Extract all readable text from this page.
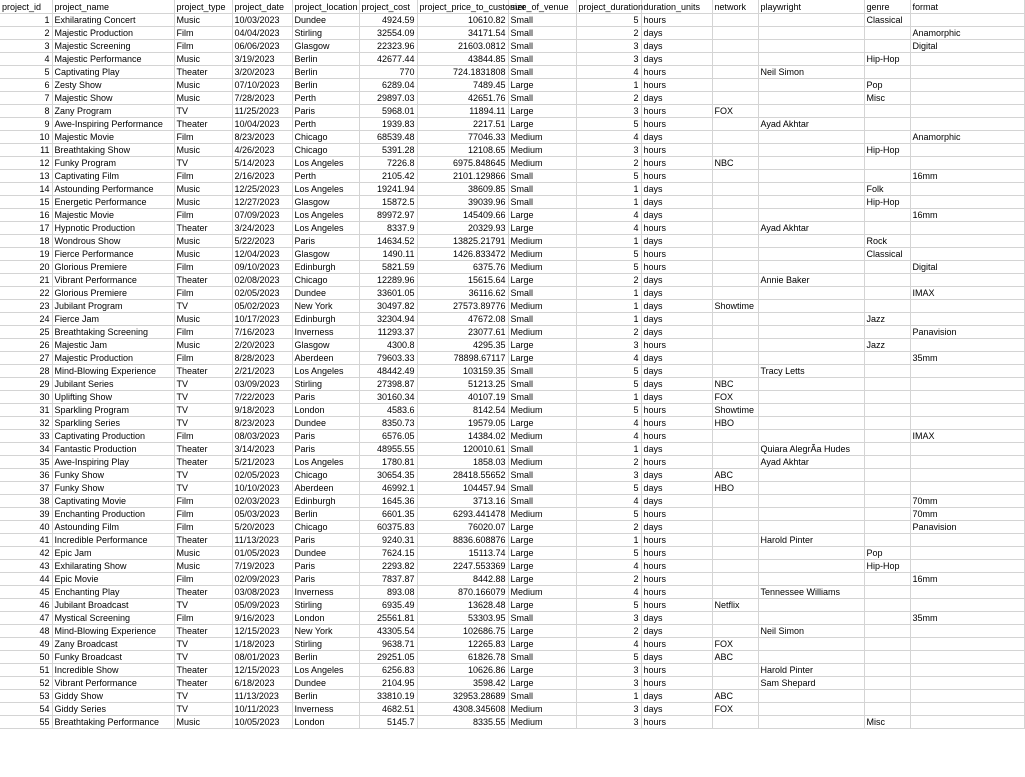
project_id	project_name	project_type	project_date	project_location	project_cost	project_price_to_customer	size_of_venue	project_duration	duration_units	network	playwright	genre	format
1	Exhilarating Concert	Music	10/03/2023	Dundee	4924.59	10610.82	Small	5	hours			Classical	
2	Majestic Production	Film	04/04/2023	Stirling	32554.09	34171.54	Small	2	days				Anamorphic
3	Majestic Screening	Film	06/06/2023	Glasgow	22323.96	21603.0812	Small	3	days				Digital
4	Majestic Performance	Music	3/19/2023	Berlin	42677.44	43844.85	Small	3	days			Hip-Hop	
5	Captivating Play	Theater	3/20/2023	Berlin	770	724.1831808	Small	4	hours		Neil Simon		
6	Zesty Show	Music	07/10/2023	Berlin	6289.04	7489.45	Large	1	hours			Pop	
7	Majestic Show	Music	7/28/2023	Perth	29897.03	42651.76	Small	2	days			Misc	
8	Zany Program	TV	11/25/2023	Paris	5968.01	11894.11	Large	3	hours	FOX			
9	Awe-Inspiring Performance	Theater	10/04/2023	Perth	1939.83	2217.51	Large	5	hours		Ayad Akhtar		
10	Majestic Movie	Film	8/23/2023	Chicago	68539.48	77046.33	Medium	4	days				Anamorphic
11	Breathtaking Show	Music	4/26/2023	Chicago	5391.28	12108.65	Medium	3	hours			Hip-Hop	
12	Funky Program	TV	5/14/2023	Los Angeles	7226.8	6975.848645	Medium	2	hours	NBC			
13	Captivating Film	Film	2/16/2023	Perth	2105.42	2101.129866	Small	5	hours				16mm
14	Astounding Performance	Music	12/25/2023	Los Angeles	19241.94	38609.85	Small	1	days			Folk	
15	Energetic Performance	Music	12/27/2023	Glasgow	15872.5	39039.96	Small	1	days			Hip-Hop	
16	Majestic Movie	Film	07/09/2023	Los Angeles	89972.97	145409.66	Large	4	days				16mm
17	Hypnotic Production	Theater	3/24/2023	Los Angeles	8337.9	20329.93	Large	4	hours		Ayad Akhtar		
18	Wondrous Show	Music	5/22/2023	Paris	14634.52	13825.21791	Medium	1	days			Rock	
19	Fierce Performance	Music	12/04/2023	Glasgow	1490.11	1426.833472	Medium	5	hours			Classical	
20	Glorious Premiere	Film	09/10/2023	Edinburgh	5821.59	6375.76	Medium	5	hours				Digital
21	Vibrant Performance	Theater	02/08/2023	Chicago	12289.96	15615.64	Large	2	days		Annie Baker		
22	Glorious Premiere	Film	02/05/2023	Dundee	33601.05	36116.62	Small	1	days				IMAX
23	Jubilant Program	TV	05/02/2023	New York	30497.82	27573.89776	Medium	1	days	Showtime			
24	Fierce Jam	Music	10/17/2023	Edinburgh	32304.94	47672.08	Small	1	days			Jazz	
25	Breathtaking Screening	Film	7/16/2023	Inverness	11293.37	23077.61	Medium	2	days				Panavision
26	Majestic Jam	Music	2/20/2023	Glasgow	4300.8	4295.35	Large	3	hours			Jazz	
27	Majestic Production	Film	8/28/2023	Aberdeen	79603.33	78898.67117	Large	4	days				35mm
28	Mind-Blowing Experience	Theater	2/21/2023	Los Angeles	48442.49	103159.35	Small	5	days		Tracy Letts		
29	Jubilant Series	TV	03/09/2023	Stirling	27398.87	51213.25	Small	5	days	NBC			
30	Uplifting Show	TV	7/22/2023	Paris	30160.34	40107.19	Small	1	days	FOX			
31	Sparkling Program	TV	9/18/2023	London	4583.6	8142.54	Medium	5	hours	Showtime			
32	Sparkling Series	TV	8/23/2023	Dundee	8350.73	19579.05	Large	4	hours	HBO			
33	Captivating Production	Film	08/03/2023	Paris	6576.05	14384.02	Medium	4	hours				IMAX
34	Fantastic Production	Theater	3/14/2023	Paris	48955.55	120010.61	Small	1	days		Quiara AlegrÃa Hudes		
35	Awe-Inspiring Play	Theater	5/21/2023	Los Angeles	1780.81	1858.03	Medium	2	hours		Ayad Akhtar		
36	Funky Show	TV	02/05/2023	Chicago	30654.35	28418.55652	Small	3	days	ABC			
37	Funky Show	TV	10/10/2023	Aberdeen	46992.1	104457.94	Small	5	days	HBO			
38	Captivating Movie	Film	02/03/2023	Edinburgh	1645.36	3713.16	Small	4	days				70mm
39	Enchanting Production	Film	05/03/2023	Berlin	6601.35	6293.441478	Medium	5	hours				70mm
40	Astounding Film	Film	5/20/2023	Chicago	60375.83	76020.07	Large	2	days				Panavision
41	Incredible Performance	Theater	11/13/2023	Paris	9240.31	8836.608876	Large	1	hours		Harold Pinter		
42	Epic Jam	Music	01/05/2023	Dundee	7624.15	15113.74	Large	5	hours			Pop	
43	Exhilarating Show	Music	7/19/2023	Paris	2293.82	2247.553369	Large	4	hours			Hip-Hop	
44	Epic Movie	Film	02/09/2023	Paris	7837.87	8442.88	Large	2	hours				16mm
45	Enchanting Play	Theater	03/08/2023	Inverness	893.08	870.166079	Medium	4	hours		Tennessee Williams		
46	Jubilant Broadcast	TV	05/09/2023	Stirling	6935.49	13628.48	Large	5	hours	Netflix			
47	Mystical Screening	Film	9/16/2023	London	25561.81	53303.95	Small	3	days				35mm
48	Mind-Blowing Experience	Theater	12/15/2023	New York	43305.54	102686.75	Large	2	days		Neil Simon		
49	Zany Broadcast	TV	1/18/2023	Stirling	9638.71	12265.83	Large	4	hours	FOX			
50	Funky Broadcast	TV	08/01/2023	Berlin	29251.05	61826.78	Small	5	days	ABC			
51	Incredible Show	Theater	12/15/2023	Los Angeles	6256.83	10626.86	Large	3	hours		Harold Pinter		
52	Vibrant Performance	Theater	6/18/2023	Dundee	2104.95	3598.42	Large	3	hours		Sam Shepard		
53	Giddy Show	TV	11/13/2023	Berlin	33810.19	32953.28689	Small	1	days	ABC			
54	Giddy Series	TV	10/11/2023	Inverness	4682.51	4308.345608	Medium	3	days	FOX			
55	Breathtaking Performance	Music	10/05/2023	London	5145.7	8335.55	Medium	3	hours			Misc	
